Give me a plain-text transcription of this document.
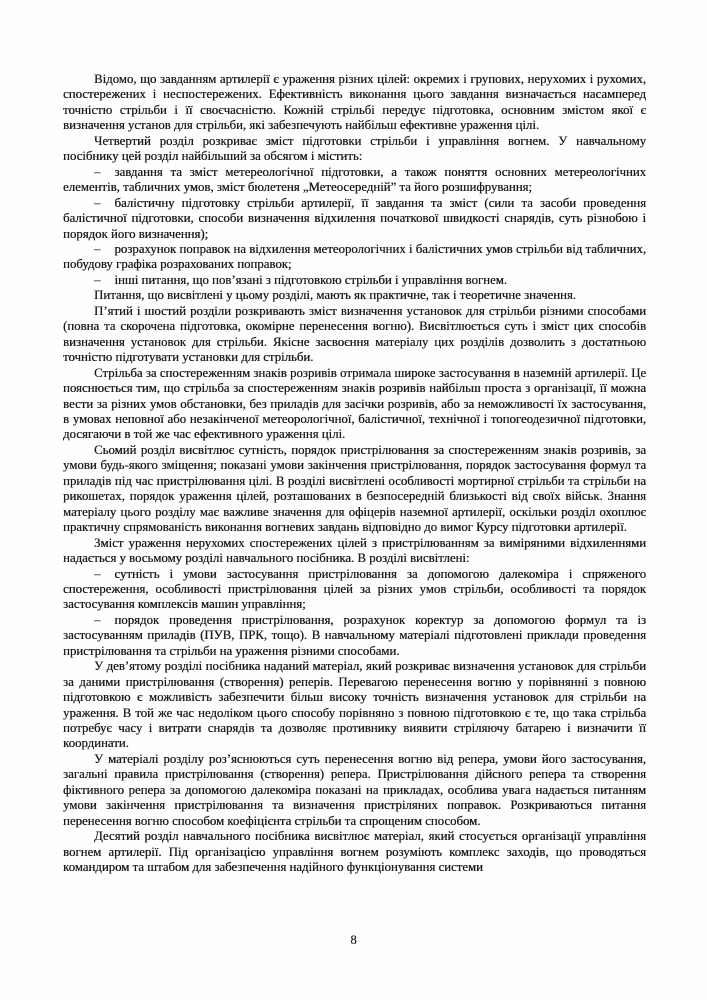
Відомо, що завданням артилерії є ураження різних цілей: окремих і групових, нерухомих і рухомих, спостережених і неспостережених. Ефективність виконання цього завдання визначається насамперед точністю стрільби і її своєчасністю. Кожній стрільбі передує підготовка, основним змістом якої є визначення установ для стрільби, які забезпечують найбільш ефективне ураження цілі.

Четвертий розділ розкриває зміст підготовки стрільби і управління вогнем. У навчальному посібнику цей розділ найбільший за обсягом і містить:

– завдання та зміст метереологічної підготовки, а також поняття основних метереологічних елементів, табличних умов, зміст бюлетеня „Метеосередній” та його розшифрування;

– балістичну підготовку стрільби артилерії, її завдання та зміст (сили та засоби проведення балістичної підготовки, способи визначення відхилення початкової швидкості снарядів, суть різнобою і порядок його визначення);

– розрахунок поправок на відхилення метеорологічних і балістичних умов стрільби від табличних, побудову графіка розрахованих поправок;

– інші питання, що пов’язані з підготовкою стрільби і управління вогнем.

Питання, що висвітлені у цьому розділі, мають як практичне, так і теоретичне значення.

П’ятий і шостий розділи розкривають зміст визначення установок для стрільби різними способами (повна та скорочена підготовка, окомірне перенесення вогню). Висвітлюється суть і зміст цих способів визначення установок для стрільби. Якісне засвоєння матеріалу цих розділів дозволить з достатньою точністю підготувати установки для стрільби.

Стрільба за спостереженням знаків розривів отримала широке застосування в наземній артилерії. Це пояснюється тим, що стрільба за спостереженням знаків розривів найбільш проста з організації, її можна вести за різних умов обстановки, без приладів для засічки розривів, або за неможливості їх застосування, в умовах неповної або незакінченої метеорологічної, балістичної, технічної і топогеодезичної підготовки, досягаючи в той же час ефективного ураження цілі.

Сьомий розділ висвітлює сутність, порядок пристрілювання за спостереженням знаків розривів, за умови будь-якого зміщення; показані умови закінчення пристрілювання, порядок застосування формул та приладів під час пристрілювання цілі. В розділі висвітлені особливості мортирної стрільби та стрільби на рикошетах, порядок ураження цілей, розташованих в безпосередній близькості від своїх військ. Знання матеріалу цього розділу має важливе значення для офіцерів наземної артилерії, оскільки розділ охоплює практичну спрямованість виконання вогневих завдань відповідно до вимог Курсу підготовки артилерії.

Зміст ураження нерухомих спостережених цілей з пристрілюванням за виміряними відхиленнями надається у восьмому розділі навчального посібника. В розділі висвітлені:

– сутність і умови застосування пристрілювання за допомогою далекоміра і спряженого спостереження, особливості пристрілювання цілей за різних умов стрільби, особливості та порядок застосування комплексів машин управління;

– порядок проведення пристрілювання, розрахунок коректур за допомогою формул та із застосуванням приладів (ПУВ, ПРК, тощо). В навчальному матеріалі підготовлені приклади проведення пристрілювання та стрільби на ураження різними способами.

У дев’ятому розділі посібника наданий матеріал, який розкриває визначення установок для стрільби за даними пристрілювання (створення) реперів. Перевагою перенесення вогню у порівнянні з повною підготовкою є можливість забезпечити більш високу точність визначення установок для стрільби на ураження. В той же час недоліком цього способу порівняно з повною підготовкою є те, що така стрільба потребує часу і витрати снарядів та дозволяє противнику виявити стріляючу батарею і визначити її координати.

У матеріалі розділу роз’яснюються суть перенесення вогню від репера, умови його застосування, загальні правила пристрілювання (створення) репера. Пристрілювання дійсного репера та створення фіктивного репера за допомогою далекоміра показані на прикладах, особлива увага надається питанням умови закінчення пристрілювання та визначення пристріляних поправок. Розкриваються питання перенесення вогню способом коефіцієнта стрільби та спрощеним способом.

Десятий розділ навчального посібника висвітлює матеріал, який стосується організації управління вогнем артилерії. Під організацією управління вогнем розуміють комплекс заходів, що проводяться командиром та штабом для забезпечення надійного функціонування системи

8
